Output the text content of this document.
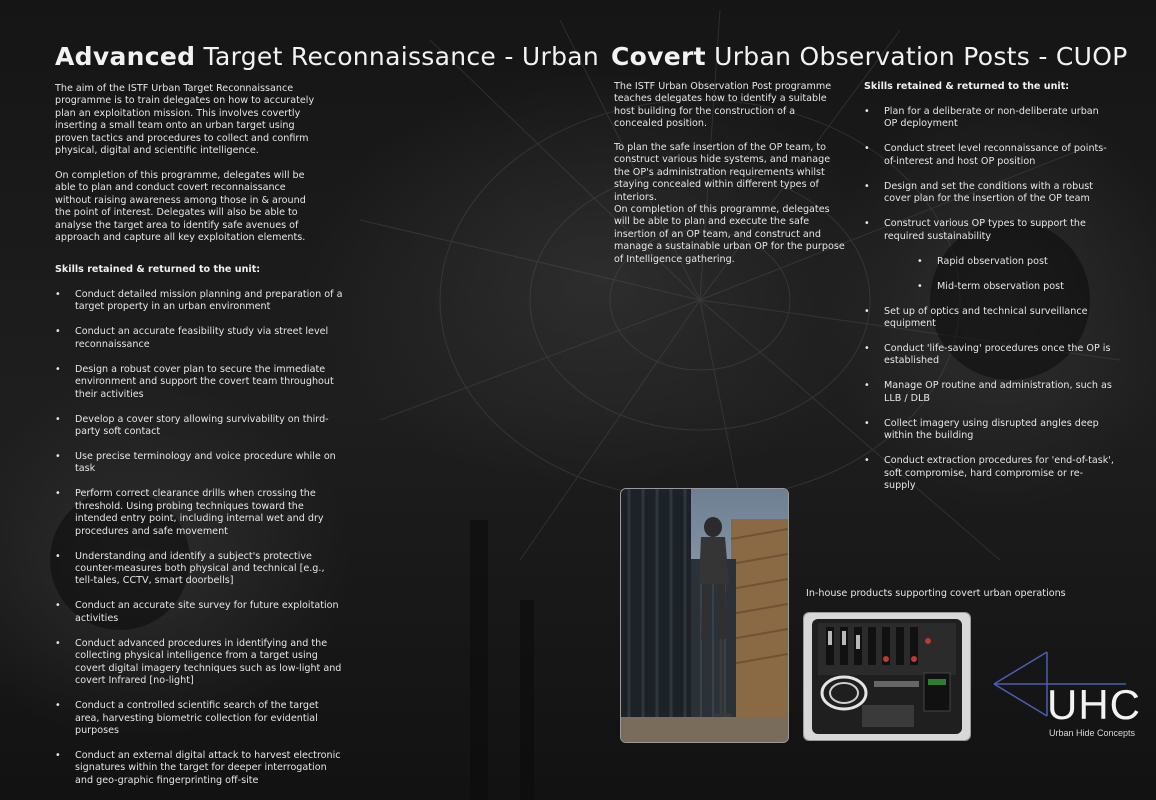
Advanced Target Reconnaissance - Urban

The aim of the ISTF Urban Target Reconnaissance programme is to train delegates on how to accurately plan an exploitation mission. This involves covertly inserting a small team onto an urban target using proven tactics and procedures to collect and confirm physical, digital and scientific intelligence.

On completion of this programme, delegates will be able to plan and conduct covert reconnaissance without raising awareness among those in & around the point of interest. Delegates will also be able to analyse the target area to identify safe avenues of approach and capture all key exploitation elements.

Skills retained & returned to the unit:

• Conduct detailed mission planning and preparation of a target property in an urban environment
• Conduct an accurate feasibility study via street level reconnaissance
• Design a robust cover plan to secure the immediate environment and support the covert team throughout their activities
• Develop a cover story allowing survivability on third-party soft contact
• Use precise terminology and voice procedure while on task
• Perform correct clearance drills when crossing the threshold. Using probing techniques toward the intended entry point, including internal wet and dry procedures and safe movement
• Understanding and identify a subject's protective counter-measures both physical and technical [e.g., tell-tales, CCTV, smart doorbells]
• Conduct an accurate site survey for future exploitation activities
• Conduct advanced procedures in identifying and the collecting physical intelligence from a target using covert digital imagery techniques such as low-light and covert Infrared [no-light]
• Conduct a controlled scientific search of the target area, harvesting biometric collection for evidential purposes
• Conduct an external digital attack to harvest electronic signatures within the target for deeper interrogation and geo-graphic fingerprinting off-site
Covert Urban Observation Posts - CUOP

The ISTF Urban Observation Post programme teaches delegates how to identify a suitable host building for the construction of a concealed position.

To plan the safe insertion of the OP team, to construct various hide systems, and manage the OP's administration requirements whilst staying concealed within different types of interiors.

On completion of this programme, delegates will be able to plan and execute the safe insertion of an OP team, and construct and manage a sustainable urban OP for the purpose of Intelligence gathering.

Skills retained & returned to the unit:

• Plan for a deliberate or non-deliberate urban OP deployment
• Conduct street level reconnaissance of points-of-interest and host OP position
• Design and set the conditions with a robust cover plan for the insertion of the OP team
• Construct various OP types to support the required sustainability
• Rapid observation post
• Mid-term observation post
• Set up of optics and technical surveillance equipment
• Conduct 'life-saving' procedures once the OP is established
• Manage OP routine and administration, such as LLB / DLB
• Collect imagery using disrupted angles deep within the building
• Conduct extraction procedures for 'end-of-task', soft compromise, hard compromise or re-supply

In-house products supporting covert urban operations

UHC
Urban Hide Concepts
